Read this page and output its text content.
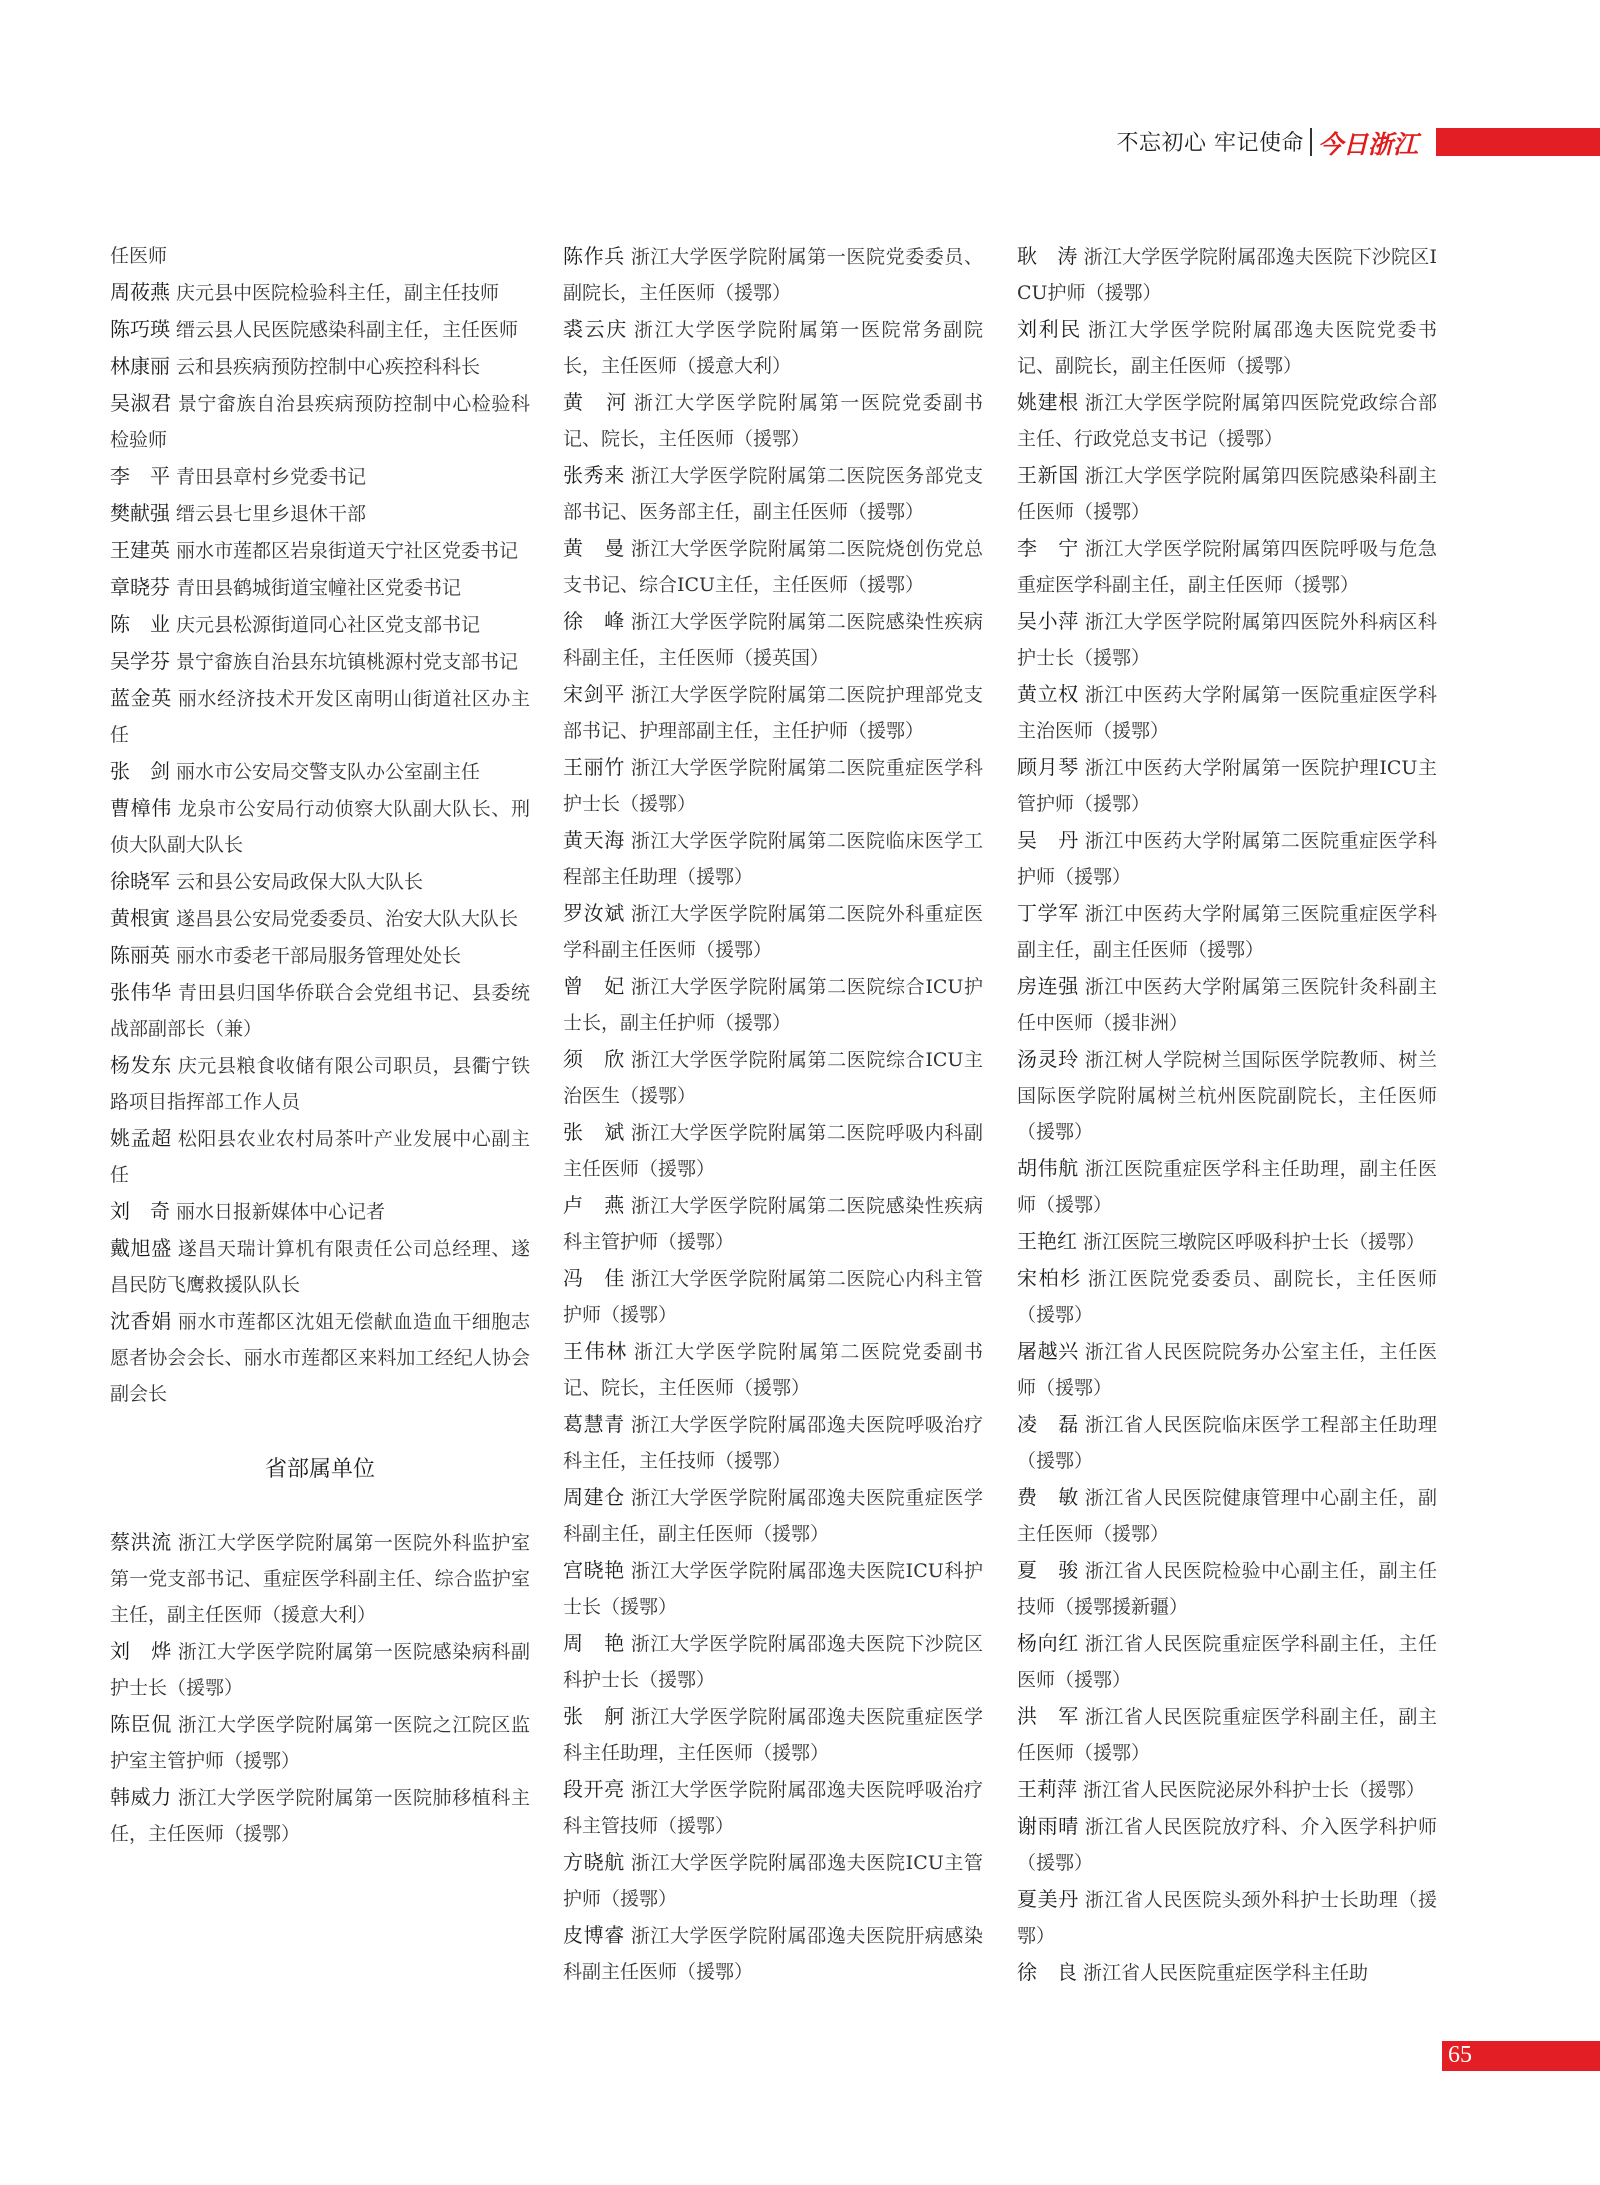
不忘初心 牢记使命 今日浙江
任医师
周莜燕 庆元县中医院检验科主任，副主任技师
陈巧瑛 缙云县人民医院感染科副主任，主任医师
林康丽 云和县疾病预防控制中心疾控科科长
吴淑君 景宁畲族自治县疾病预防控制中心检验科检验师
李　平 青田县章村乡党委书记
樊献强 缙云县七里乡退休干部
王建英 丽水市莲都区岩泉街道天宁社区党委书记
章晓芬 青田县鹤城街道宝幢社区党委书记
陈　业 庆元县松源街道同心社区党支部书记
吴学芬 景宁畲族自治县东坑镇桃源村党支部书记
蓝金英 丽水经济技术开发区南明山街道社区办主任
张　剑 丽水市公安局交警支队办公室副主任
曹樟伟 龙泉市公安局行动侦察大队副大队长、刑侦大队副大队长
徐晓军 云和县公安局政保大队大队长
黄根寅 遂昌县公安局党委委员、治安大队大队长
陈丽英 丽水市委老干部局服务管理处处长
张伟华 青田县归国华侨联合会党组书记、县委统战部副部长（兼）
杨发东 庆元县粮食收储有限公司职员，县衢宁铁路项目指挥部工作人员
姚孟超 松阳县农业农村局茶叶产业发展中心副主任
刘　奇 丽水日报新媒体中心记者
戴旭盛 遂昌天瑞计算机有限责任公司总经理、遂昌民防飞鹰救援队队长
沈香娟 丽水市莲都区沈姐无偿献血造血干细胞志愿者协会会长、丽水市莲都区来料加工经纪人协会副会长
省部属单位
蔡洪流 浙江大学医学院附属第一医院外科监护室第一党支部书记、重症医学科副主任、综合监护室主任，副主任医师（援意大利）
刘　烨 浙江大学医学院附属第一医院感染病科副护士长（援鄂）
陈臣侃 浙江大学医学院附属第一医院之江院区监护室主管护师（援鄂）
韩威力 浙江大学医学院附属第一医院肺移植科主任，主任医师（援鄂）
陈作兵 浙江大学医学院附属第一医院党委委员、副院长，主任医师（援鄂）
裘云庆 浙江大学医学院附属第一医院常务副院长，主任医师（援意大利）
黄　河 浙江大学医学院附属第一医院党委副书记、院长，主任医师（援鄂）
张秀来 浙江大学医学院附属第二医院医务部党支部书记、医务部主任，副主任医师（援鄂）
黄　曼 浙江大学医学院附属第二医院烧创伤党总支书记、综合ICU主任，主任医师（援鄂）
徐　峰 浙江大学医学院附属第二医院感染性疾病科副主任，主任医师（援英国）
宋剑平 浙江大学医学院附属第二医院护理部党支部书记、护理部副主任，主任护师（援鄂）
王丽竹 浙江大学医学院附属第二医院重症医学科护士长（援鄂）
黄天海 浙江大学医学院附属第二医院临床医学工程部主任助理（援鄂）
罗汝斌 浙江大学医学院附属第二医院外科重症医学科副主任医师（援鄂）
曾　妃 浙江大学医学院附属第二医院综合ICU护士长，副主任护师（援鄂）
须　欣 浙江大学医学院附属第二医院综合ICU主治医生（援鄂）
张　斌 浙江大学医学院附属第二医院呼吸内科副主任医师（援鄂）
卢　燕 浙江大学医学院附属第二医院感染性疾病科主管护师（援鄂）
冯　佳 浙江大学医学院附属第二医院心内科主管护师（援鄂）
王伟林 浙江大学医学院附属第二医院党委副书记、院长，主任医师（援鄂）
葛慧青 浙江大学医学院附属邵逸夫医院呼吸治疗科主任，主任技师（援鄂）
周建仓 浙江大学医学院附属邵逸夫医院重症医学科副主任，副主任医师（援鄂）
宫晓艳 浙江大学医学院附属邵逸夫医院ICU科护士长（援鄂）
周　艳 浙江大学医学院附属邵逸夫医院下沙院区科护士长（援鄂）
张　舸 浙江大学医学院附属邵逸夫医院重症医学科主任助理，主任医师（援鄂）
段开亮 浙江大学医学院附属邵逸夫医院呼吸治疗科主管技师（援鄂）
方晓航 浙江大学医学院附属邵逸夫医院ICU主管护师（援鄂）
皮博睿 浙江大学医学院附属邵逸夫医院肝病感染科副主任医师（援鄂）
耿　涛 浙江大学医学院附属邵逸夫医院下沙院区ICU护师（援鄂）
刘利民 浙江大学医学院附属邵逸夫医院党委书记、副院长，副主任医师（援鄂）
姚建根 浙江大学医学院附属第四医院党政综合部主任、行政党总支书记（援鄂）
王新国 浙江大学医学院附属第四医院感染科副主任医师（援鄂）
李　宁 浙江大学医学院附属第四医院呼吸与危急重症医学科副主任，副主任医师（援鄂）
吴小萍 浙江大学医学院附属第四医院外科病区科护士长（援鄂）
黄立权 浙江中医药大学附属第一医院重症医学科主治医师（援鄂）
顾月琴 浙江中医药大学附属第一医院护理ICU主管护师（援鄂）
吴　丹 浙江中医药大学附属第二医院重症医学科护师（援鄂）
丁学军 浙江中医药大学附属第三医院重症医学科副主任，副主任医师（援鄂）
房连强 浙江中医药大学附属第三医院针灸科副主任中医师（援非洲）
汤灵玲 浙江树人学院树兰国际医学院教师、树兰国际医学院附属树兰杭州医院副院长，主任医师（援鄂）
胡伟航 浙江医院重症医学科主任助理，副主任医师（援鄂）
王艳红 浙江医院三墩院区呼吸科护士长（援鄂）
宋柏杉 浙江医院党委委员、副院长，主任医师（援鄂）
屠越兴 浙江省人民医院院务办公室主任，主任医师（援鄂）
凌　磊 浙江省人民医院临床医学工程部主任助理（援鄂）
费　敏 浙江省人民医院健康管理中心副主任，副主任医师（援鄂）
夏　骏 浙江省人民医院检验中心副主任，副主任技师（援鄂援新疆）
杨向红 浙江省人民医院重症医学科副主任，主任医师（援鄂）
洪　军 浙江省人民医院重症医学科副主任，副主任医师（援鄂）
王莉萍 浙江省人民医院泌尿外科护士长（援鄂）
谢雨晴 浙江省人民医院放疗科、介入医学科护师（援鄂）
夏美丹 浙江省人民医院头颈外科护士长助理（援鄂）
徐　良 浙江省人民医院重症医学科主任助
65
